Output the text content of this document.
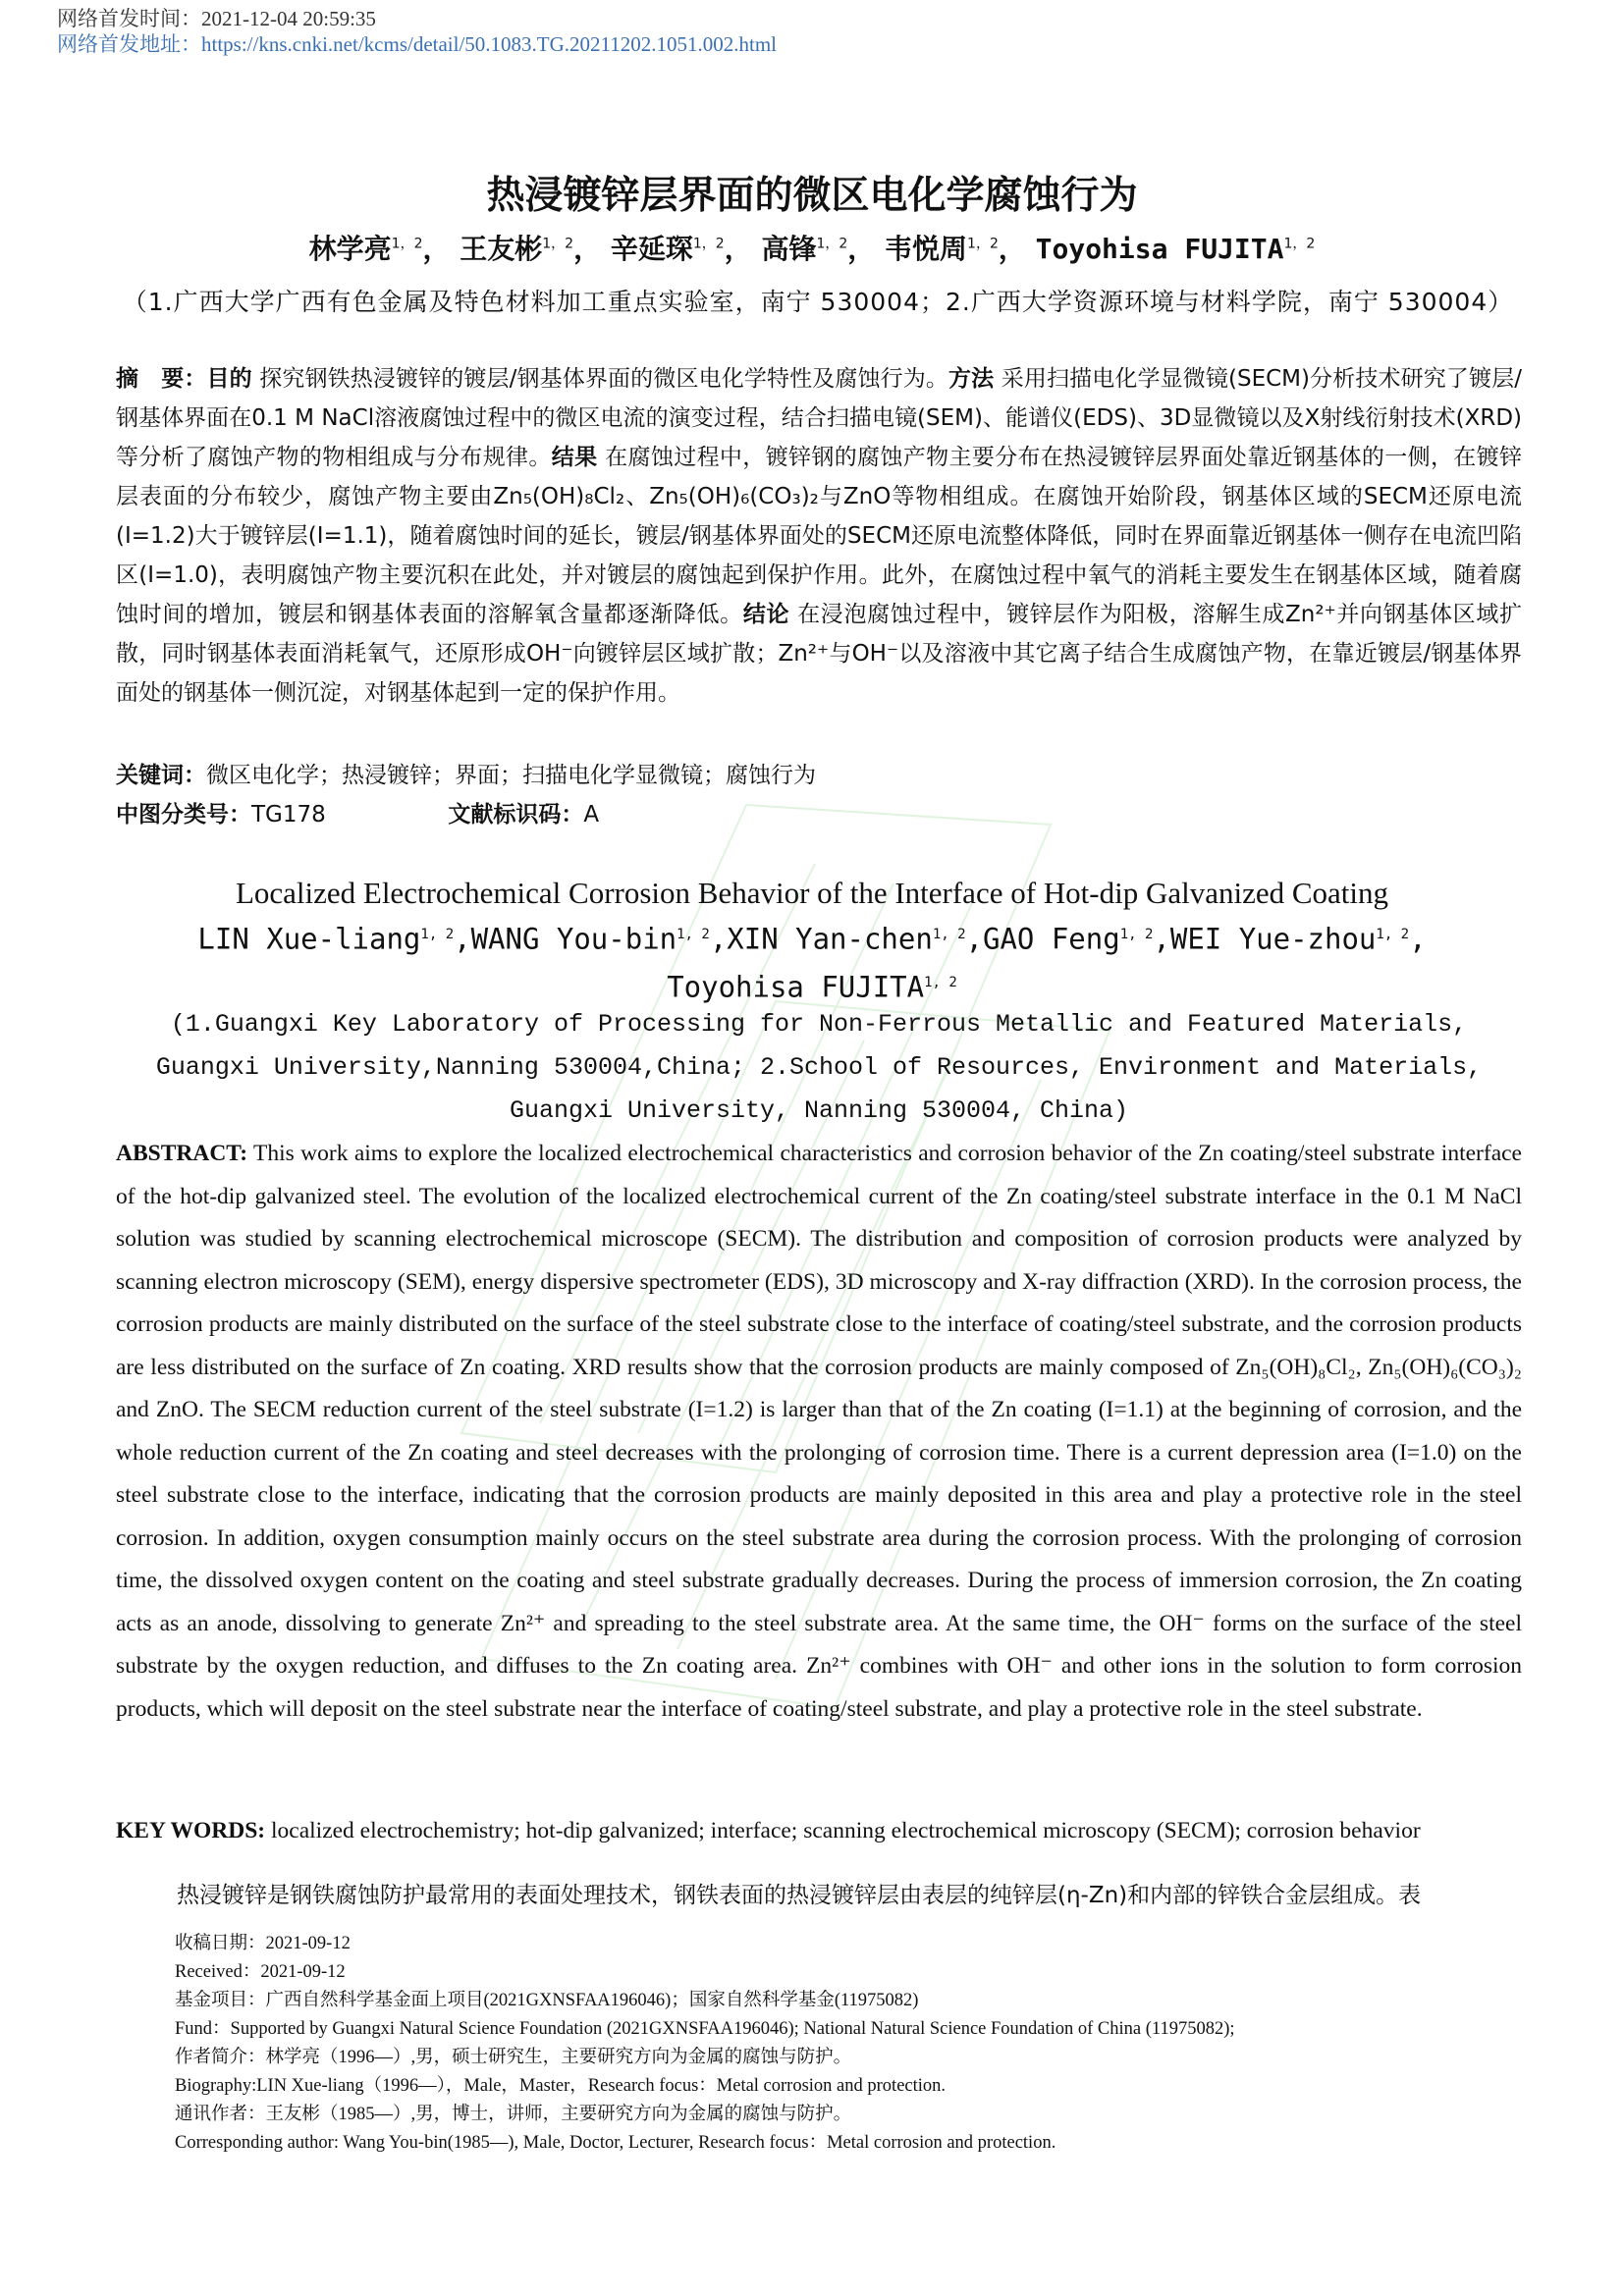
网络首发时间：2021-12-04 20:59:35
网络首发地址：https://kns.cnki.net/kcms/detail/50.1083.TG.20211202.1051.002.html
热浸镀锌层界面的微区电化学腐蚀行为
林学亮$^{1,2}$， 王友彬$^{1,2}$， 辛延琛$^{1,2}$， 高锋$^{1,2}$， 韦悦周$^{1,2}$， Toyohisa $FUJITA^{1,2}$
（1.广西大学广西有色金属及特色材料加工重点实验室，南宁 530004；2.广西大学资源环境与材料学院，南宁 530004）
摘　要：目的 探究钢铁热浸镀锌的镀层/钢基体界面的微区电化学特性及腐蚀行为。方法 采用扫描电化学显微镜(SECM)分析技术研究了镀层/钢基体界面在0.1 M NaCl溶液腐蚀过程中的微区电流的演变过程，结合扫描电镜(SEM)、能谱仪(EDS)、3D显微镜以及X射线衍射技术(XRD)等分析了腐蚀产物的物相组成与分布规律。结果 在腐蚀过程中，镀锌钢的腐蚀产物主要分布在热浸镀锌层界面处靠近钢基体的一侧，在镀锌层表面的分布较少，腐蚀产物主要由Zn₅(OH)₈Cl₂、Zn₅(OH)₆(CO₃)₂与ZnO等物相组成。在腐蚀开始阶段，钢基体区域的SECM还原电流(I=1.2)大于镀锌层(I=1.1)，随着腐蚀时间的延长，镀层/钢基体界面处的SECM还原电流整体降低，同时在界面靠近钢基体一侧存在电流凹陷区(I=1.0)，表明腐蚀产物主要沉积在此处，并对镀层的腐蚀起到保护作用。此外，在腐蚀过程中氧气的消耗主要发生在钢基体区域，随着腐蚀时间的增加，镀层和钢基体表面的溶解氧含量都逐渐降低。结论 在浸泡腐蚀过程中，镀锌层作为阳极，溶解生成Zn²⁺并向钢基体区域扩散，同时钢基体表面消耗氧气，还原形成OH⁻向镀锌层区域扩散；Zn²⁺与OH⁻以及溶液中其它离子结合生成腐蚀产物，在靠近镀层/钢基体界面处的钢基体一侧沉淀，对钢基体起到一定的保护作用。
关键词：微区电化学；热浸镀锌；界面；扫描电化学显微镜；腐蚀行为
中图分类号：TG178	文献标识码：A
Localized Electrochemical Corrosion Behavior of the Interface of Hot-dip Galvanized Coating
LIN Xue-liang$^{1, 2}$,WANG You-bin$^{1, 2}$,XIN Yan-chen$^{1, 2}$,GAO Feng$^{1, 2}$,WEI Yue-zhou$^{1, 2}$,
Toyohisa FUJITA$^{1, 2}$
(1.Guangxi Key Laboratory of Processing for Non-Ferrous Metallic and Featured Materials, Guangxi University,Nanning 530004,China; 2.School of Resources, Environment and Materials, Guangxi University, Nanning 530004, China)
ABSTRACT: This work aims to explore the localized electrochemical characteristics and corrosion behavior of the Zn coating/steel substrate interface of the hot-dip galvanized steel. The evolution of the localized electrochemical current of the Zn coating/steel substrate interface in the 0.1 M NaCl solution was studied by scanning electrochemical microscope (SECM). The distribution and composition of corrosion products were analyzed by scanning electron microscopy (SEM), energy dispersive spectrometer (EDS), 3D microscopy and X-ray diffraction (XRD). In the corrosion process, the corrosion products are mainly distributed on the surface of the steel substrate close to the interface of coating/steel substrate, and the corrosion products are less distributed on the surface of Zn coating. XRD results show that the corrosion products are mainly composed of Zn₅(OH)₈Cl₂, Zn₅(OH)₆(CO₃)₂ and ZnO. The SECM reduction current of the steel substrate (I=1.2) is larger than that of the Zn coating (I=1.1) at the beginning of corrosion, and the whole reduction current of the Zn coating and steel decreases with the prolonging of corrosion time. There is a current depression area (I=1.0) on the steel substrate close to the interface, indicating that the corrosion products are mainly deposited in this area and play a protective role in the steel corrosion. In addition, oxygen consumption mainly occurs on the steel substrate area during the corrosion process. With the prolonging of corrosion time, the dissolved oxygen content on the coating and steel substrate gradually decreases. During the process of immersion corrosion, the Zn coating acts as an anode, dissolving to generate Zn²⁺ and spreading to the steel substrate area. At the same time, the OH⁻ forms on the surface of the steel substrate by the oxygen reduction, and diffuses to the Zn coating area. Zn²⁺ combines with OH⁻ and other ions in the solution to form corrosion products, which will deposit on the steel substrate near the interface of coating/steel substrate, and play a protective role in the steel substrate.
KEY WORDS: localized electrochemistry; hot-dip galvanized; interface; scanning electrochemical microscopy (SECM); corrosion behavior
热浸镀锌是钢铁腐蚀防护最常用的表面处理技术，钢铁表面的热浸镀锌层由表层的纯锌层(η-Zn)和内部的锌铁合金层组成。表
收稿日期：2021-09-12
Received：2021-09-12
基金项目：广西自然科学基金面上项目(2021GXNSFAA196046)；国家自然科学基金(11975082)
Fund：Supported by Guangxi Natural Science Foundation (2021GXNSFAA196046); National Natural Science Foundation of China (11975082);
作者简介：林学亮（1996—）,男，硕士研究生，主要研究方向为金属的腐蚀与防护。
Biography:LIN Xue-liang（1996—），Male，Master，Research focus：Metal corrosion and protection.
通讯作者：王友彬（1985—）,男，博士，讲师，主要研究方向为金属的腐蚀与防护。
Corresponding author: Wang You-bin(1985—), Male, Doctor, Lecturer, Research focus：Metal corrosion and protection.
